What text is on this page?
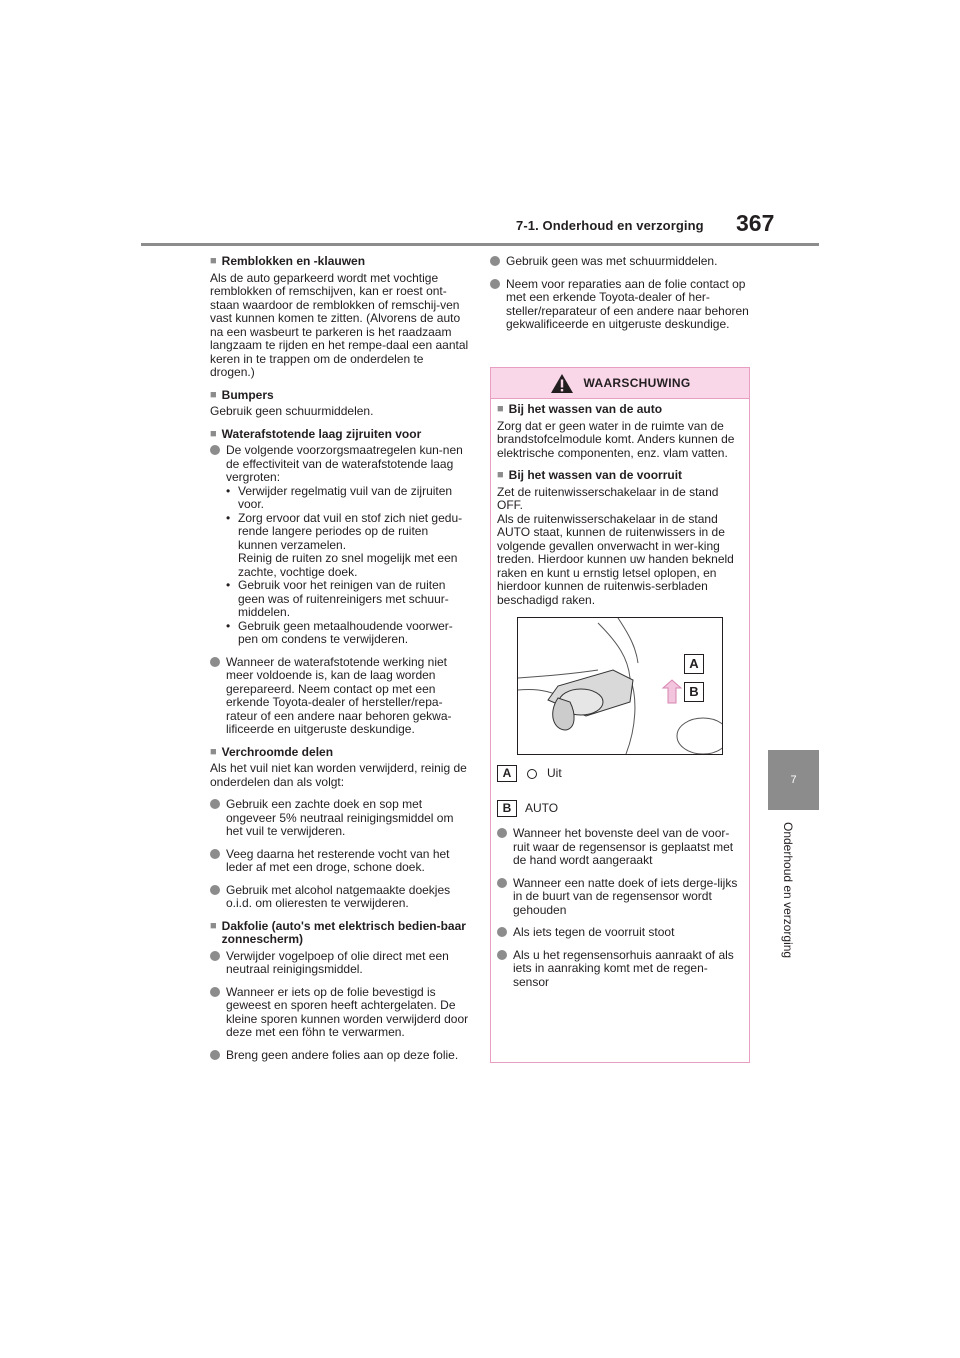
7-1. Onderhoud en verzorging 367
7
Onderhoud en verzorging
■ Remblokken en -klauwen
Als de auto geparkeerd wordt met vochtige remblokken of remschijven, kan er roest ont-staan waardoor de remblokken of remschij-ven vast kunnen komen te zitten. (Alvorens de auto na een wasbeurt te parkeren is het raadzaam langzaam te rijden en het rempe-daal een aantal keren in te trappen om de onderdelen te drogen.)
■ Bumpers
Gebruik geen schuurmiddelen.
■ Waterafstotende laag zijruiten voor
De volgende voorzorgsmaatregelen kun-nen de effectiviteit van de waterafstotende laag vergroten:
• Verwijder regelmatig vuil van de zijruiten voor.
• Zorg ervoor dat vuil en stof zich niet gedu-rende langere periodes op de ruiten kunnen verzamelen.
Reinig de ruiten zo snel mogelijk met een zachte, vochtige doek.
• Gebruik voor het reinigen van de ruiten geen was of ruitenreinigers met schuur-middelen.
• Gebruik geen metaalhoudende voorwer-pen om condens te verwijderen.
Wanneer de waterafstotende werking niet meer voldoende is, kan de laag worden gerepareerd. Neem contact op met een erkende Toyota-dealer of hersteller/repa-rateur of een andere naar behoren gekwa-lificeerde en uitgeruste deskundige.
■ Verchroomde delen
Als het vuil niet kan worden verwijderd, reinig de onderdelen dan als volgt:
Gebruik een zachte doek en sop met ongeveer 5% neutraal reinigingsmiddel om het vuil te verwijderen.
Veeg daarna het resterende vocht van het leder af met een droge, schone doek.
Gebruik met alcohol natgemaakte doekjes o.i.d. om olieresten te verwijderen.
■ Dakfolie (auto's met elektrisch bedien-baar zonnescherm)
Verwijder vogelpoep of olie direct met een neutraal reinigingsmiddel.
Wanneer er iets op de folie bevestigd is geweest en sporen heeft achtergelaten. De kleine sporen kunnen worden verwijderd door deze met een föhn te verwarmen.
Breng geen andere folies aan op deze folie.
Gebruik geen was met schuurmiddelen.
Neem voor reparaties aan de folie contact op met een erkende Toyota-dealer of her-steller/reparateur of een andere naar behoren gekwalificeerde en uitgeruste deskundige.
WAARSCHUWING
■ Bij het wassen van de auto
Zorg dat er geen water in de ruimte van de brandstofcelmodule komt. Anders kunnen de elektrische componenten, enz. vlam vatten.
■ Bij het wassen van de voorruit
Zet de ruitenwisserschakelaar in de stand OFF.
Als de ruitenwisserschakelaar in de stand AUTO staat, kunnen de ruitenwissers in de volgende gevallen onverwacht in wer-king treden. Hierdoor kunnen uw handen bekneld raken en kunt u ernstig letsel oplopen, en hierdoor kunnen de ruitenwis-serbladen beschadigd raken.
A
B
A	Uit
B	AUTO
Wanneer het bovenste deel van de voor-ruit waar de regensensor is geplaatst met de hand wordt aangeraakt
Wanneer een natte doek of iets derge-lijks in de buurt van de regensensor wordt gehouden
Als iets tegen de voorruit stoot
Als u het regensensorhuis aanraakt of als iets in aanraking komt met de regen-sensor
